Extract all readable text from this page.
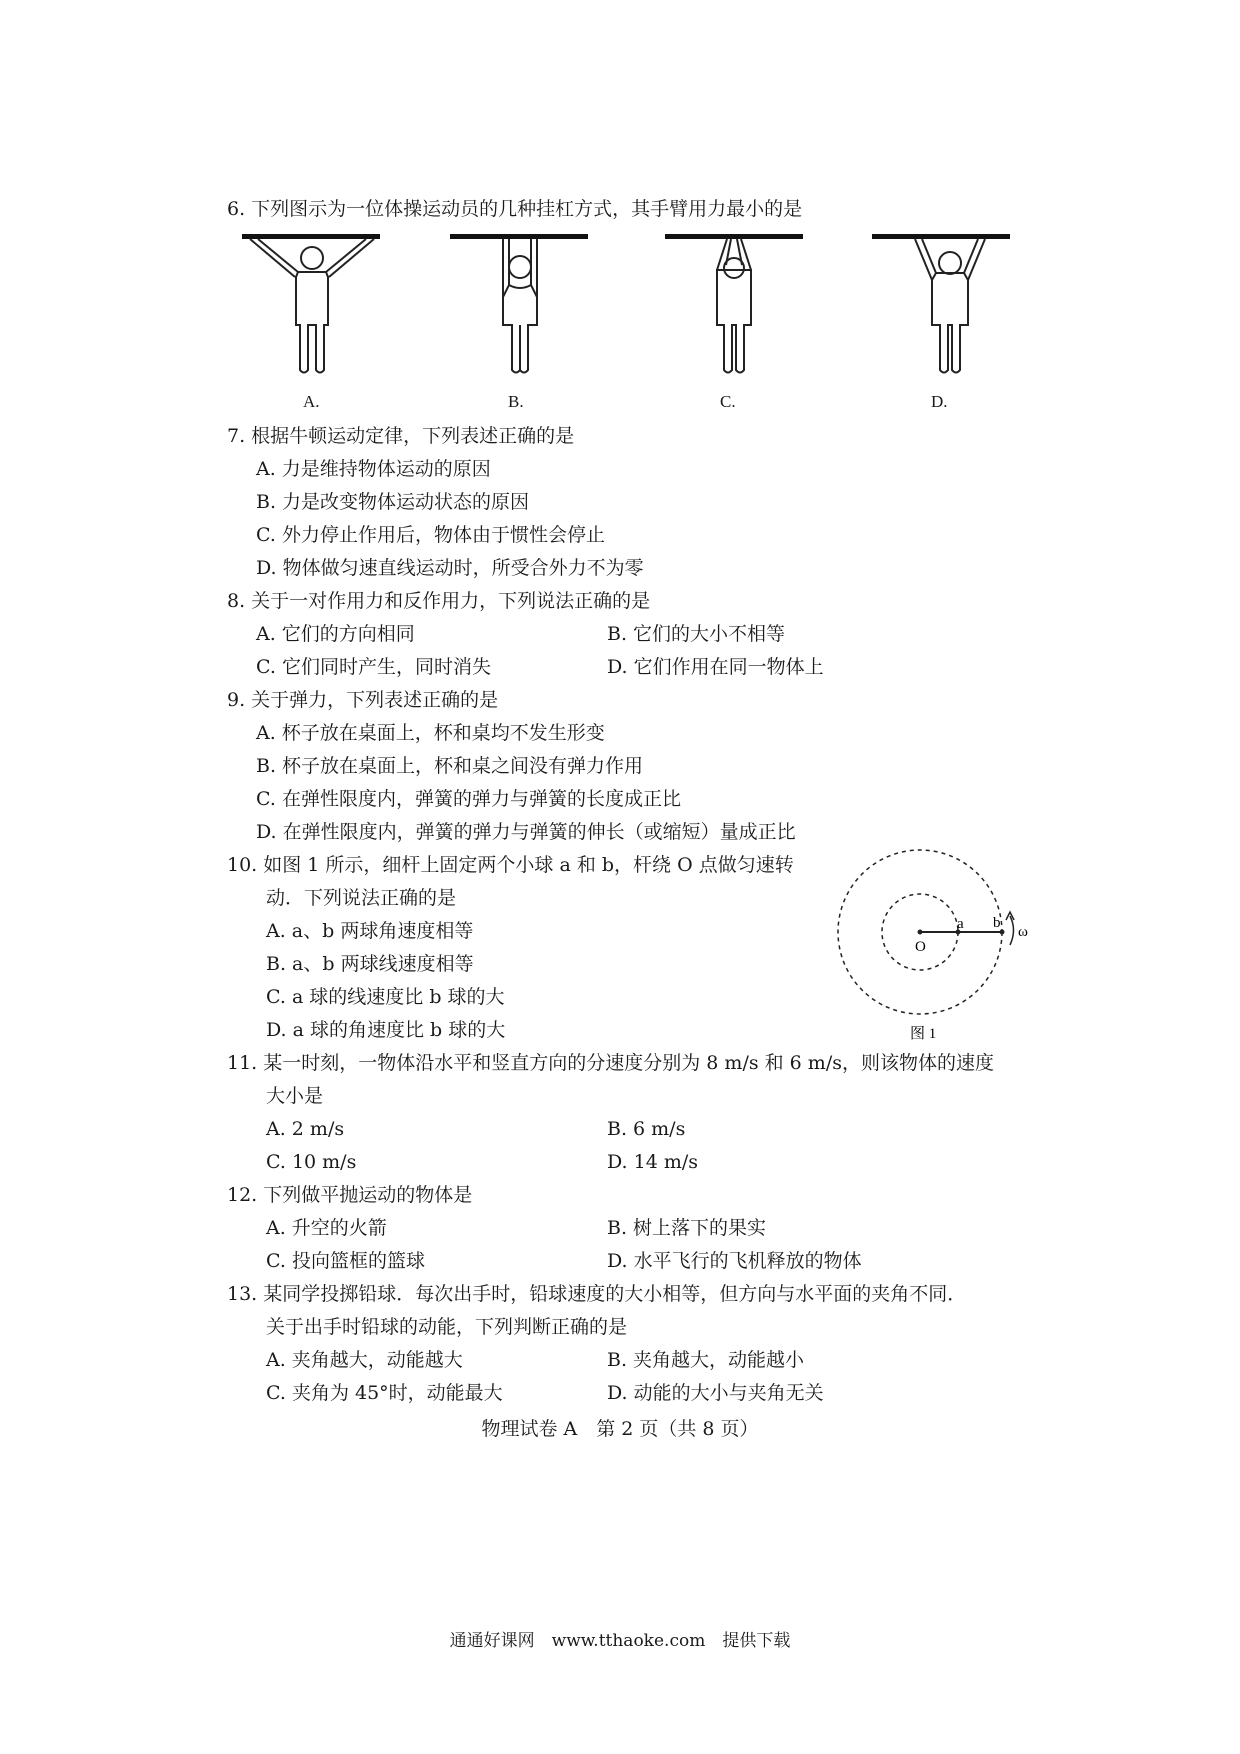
6. 下列图示为一位体操运动员的几种挂杠方式，其手臂用力最小的是
A.	B.	C.	D.
7. 根据牛顿运动定律，下列表述正确的是
A. 力是维持物体运动的原因
B. 力是改变物体运动状态的原因
C. 外力停止作用后，物体由于惯性会停止
D. 物体做匀速直线运动时，所受合外力不为零
8. 关于一对作用力和反作用力，下列说法正确的是
A. 它们的方向相同	B. 它们的大小不相等
C. 它们同时产生，同时消失	D. 它们作用在同一物体上
9. 关于弹力，下列表述正确的是
A. 杯子放在桌面上，杯和桌均不发生形变
B. 杯子放在桌面上，杯和桌之间没有弹力作用
C. 在弹性限度内，弹簧的弹力与弹簧的长度成正比
D. 在弹性限度内，弹簧的弹力与弹簧的伸长（或缩短）量成正比
10. 如图 1 所示，细杆上固定两个小球 a 和 b，杆绕 O 点做匀速转
动．下列说法正确的是
A. a、b 两球角速度相等
B. a、b 两球线速度相等
C. a 球的线速度比 b 球的大
D. a 球的角速度比 b 球的大
O
a b
ω
图 1
11. 某一时刻，一物体沿水平和竖直方向的分速度分别为 8 m/s 和 6 m/s，则该物体的速度
大小是
A. 2 m/s	B. 6 m/s
C. 10 m/s	D. 14 m/s
12. 下列做平抛运动的物体是
A. 升空的火箭	B. 树上落下的果实
C. 投向篮框的篮球	D. 水平飞行的飞机释放的物体
13. 某同学投掷铅球．每次出手时，铅球速度的大小相等，但方向与水平面的夹角不同．
关于出手时铅球的动能，下列判断正确的是
A. 夹角越大，动能越大	B. 夹角越大，动能越小
C. 夹角为 45°时，动能最大	D. 动能的大小与夹角无关
物理试卷 A　第 2 页（共 8 页）
通通好课网　www.tthaoke.com　提供下载
